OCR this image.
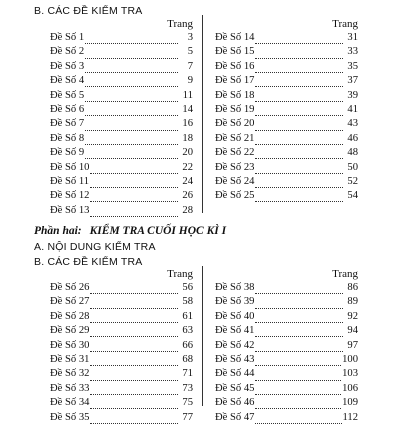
B. CÁC ĐỀ KIỂM TRA
Trang
Đề Số 1	3
Đề Số 2	5
Đề Số 3	7
Đề Số 4	9
Đề Số 5	11
Đề Số 6	14
Đề Số 7	16
Đề Số 8	18
Đề Số 9	20
Đề Số 10	22
Đề Số 11	24
Đề Số 12	26
Đề Số 13	28
Trang
Đề Số 14	31
Đề Số 15	33
Đề Số 16	35
Đề Số 17	37
Đề Số 18	39
Đề Số 19	41
Đề Số 20	43
Đề Số 21	46
Đề Số 22	48
Đề Số 23	50
Đề Số 24	52
Đề Số 25	54
Phần hai: KIỂM TRA CUỐI HỌC KÌ I
A. NỘI DUNG KIỂM TRA
B. CÁC ĐỀ KIỂM TRA
Trang
Đề Số 26	56
Đề Số 27	58
Đề Số 28	61
Đề Số 29	63
Đề Số 30	66
Đề Số 31	68
Đề Số 32	71
Đề Số 33	73
Đề Số 34	75
Đề Số 35	77
Trang
Đề Số 38	86
Đề Số 39	89
Đề Số 40	92
Đề Số 41	94
Đề Số 42	97
Đề Số 43	100
Đề Số 44	103
Đề Số 45	106
Đề Số 46	109
Đề Số 47	112
